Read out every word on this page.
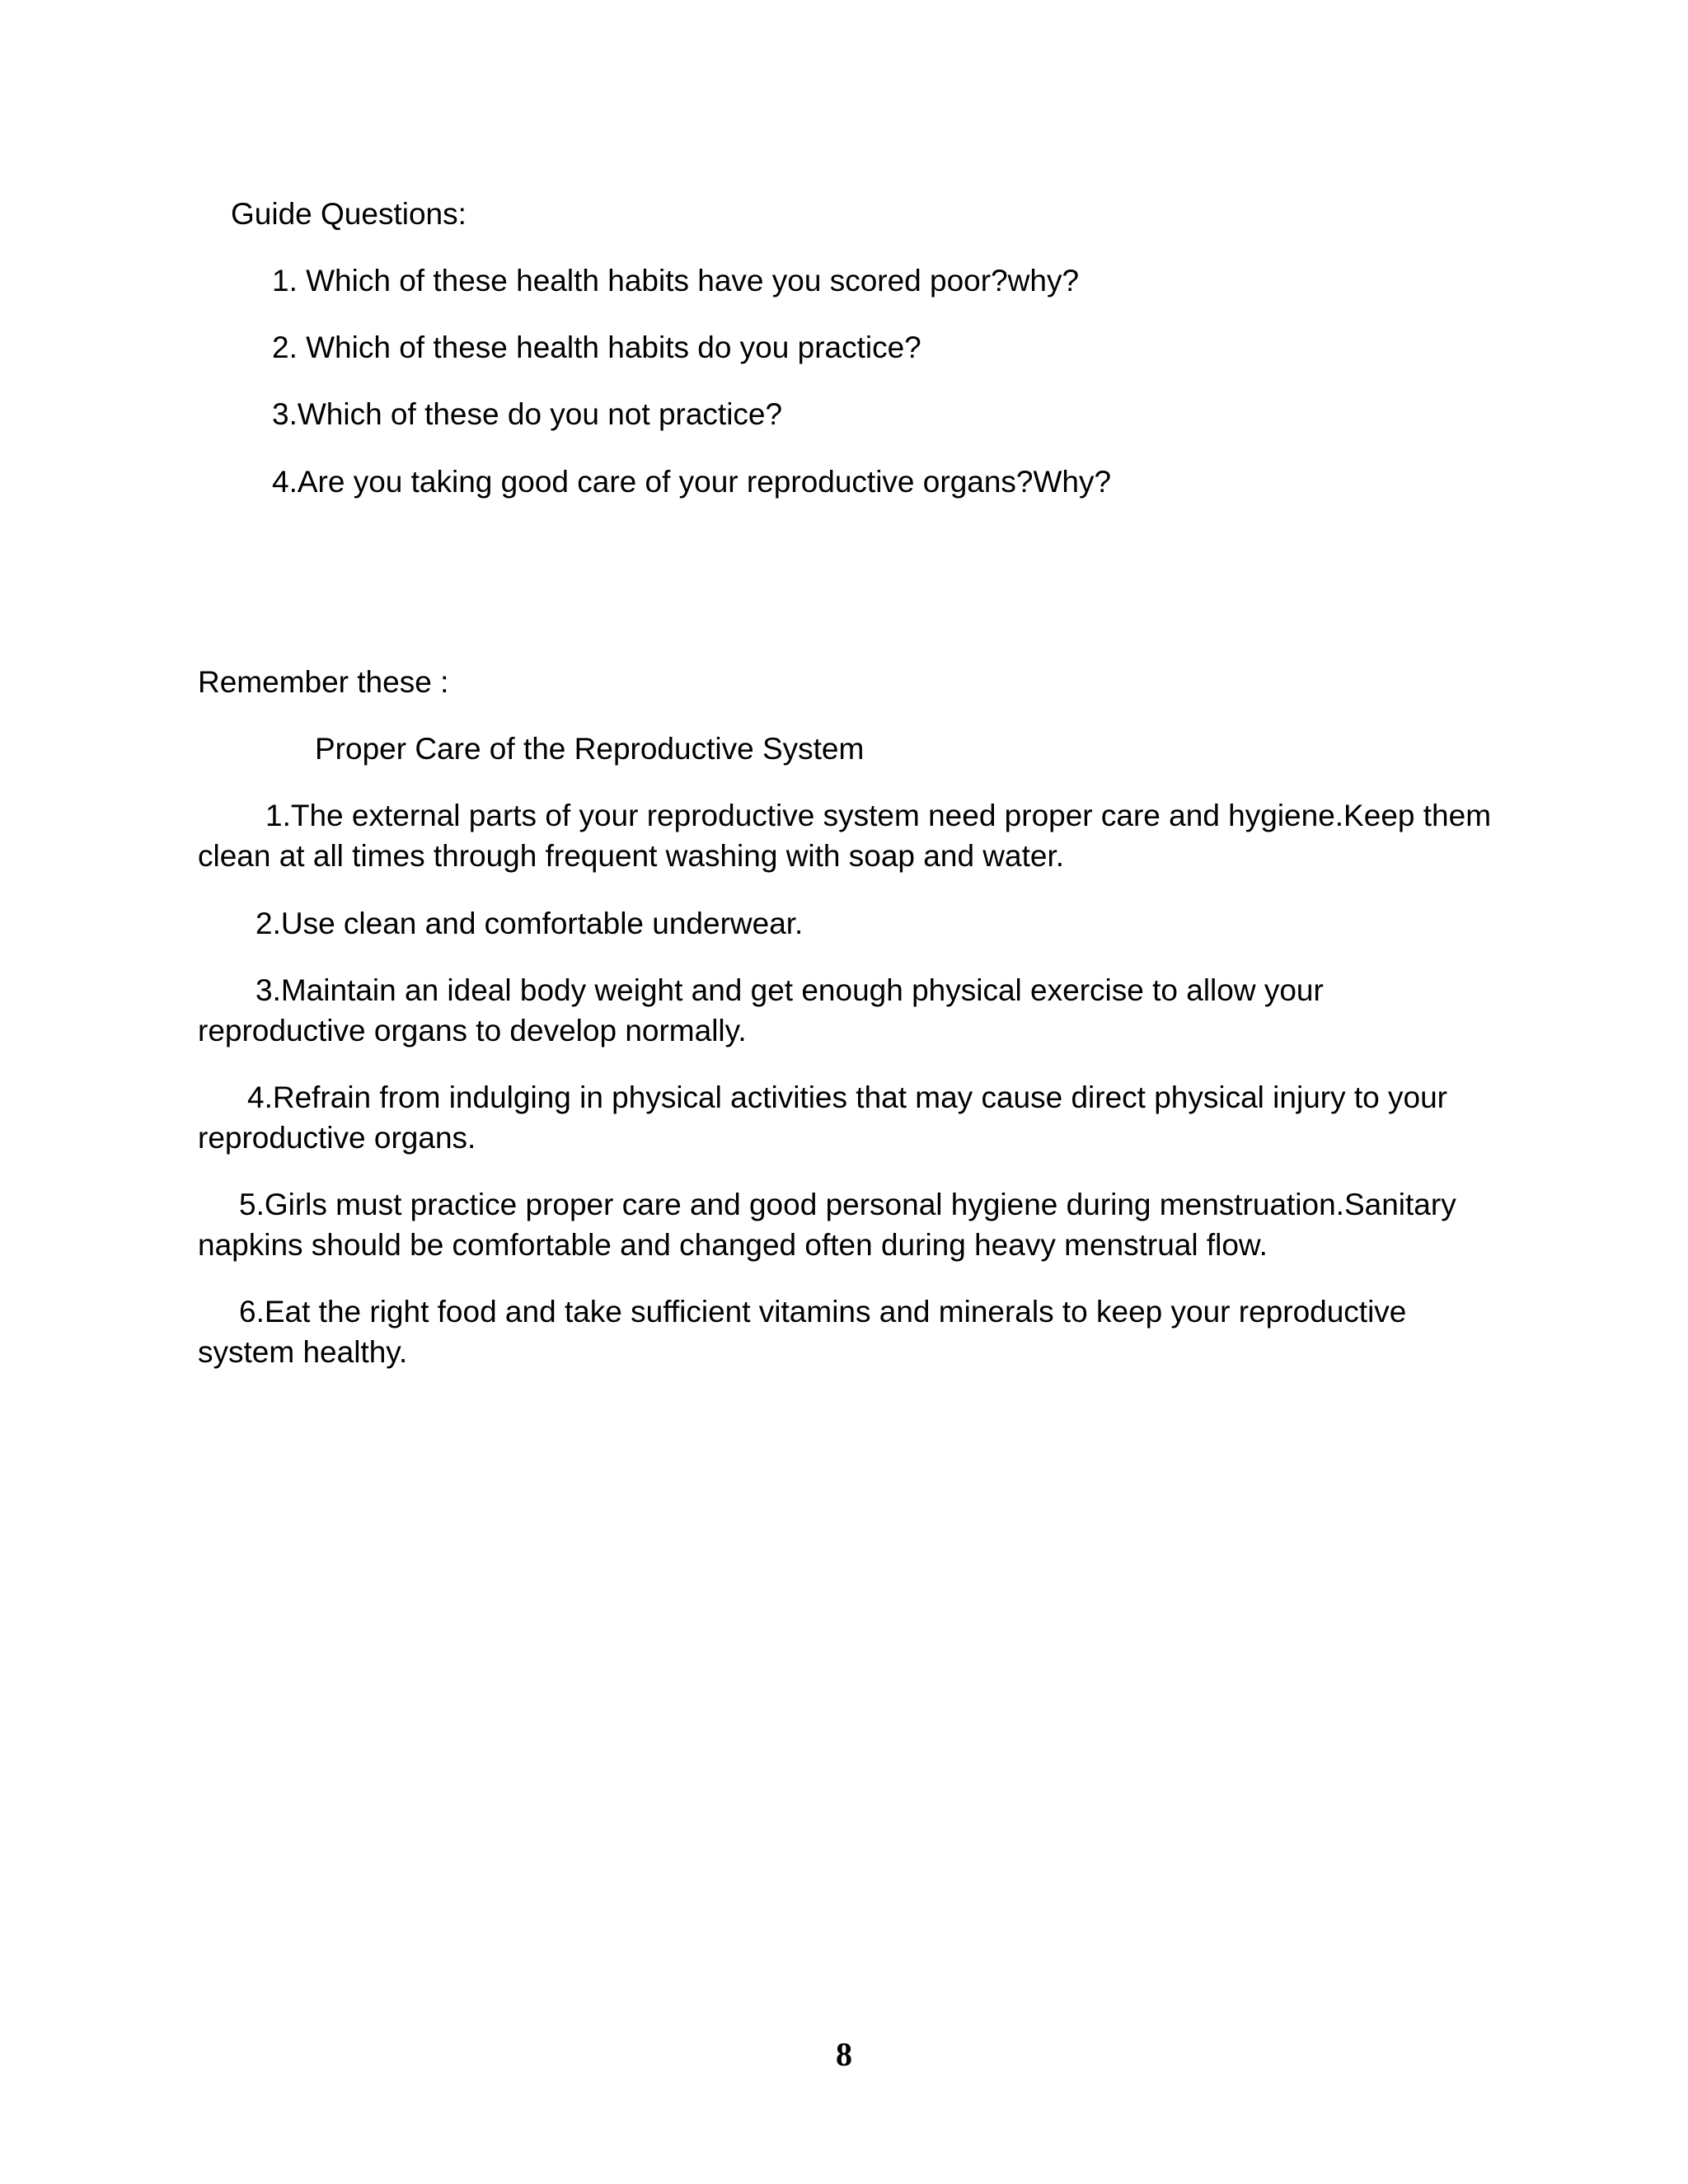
Guide Questions:

1. Which of these health habits have you scored poor?why?

2. Which of these health habits do you practice?

3.Which of these do you not practice?

4.Are you taking good care of your reproductive organs?Why?

Remember these :

Proper Care of the Reproductive System

1.The external parts of your reproductive system need proper care and hygiene.Keep them

clean at all times through frequent washing with soap and water.

2.Use clean and comfortable underwear.

3.Maintain an ideal body weight and get enough physical exercise to allow your

reproductive organs to develop normally.

4.Refrain from indulging in physical activities that may cause direct physical injury to your

reproductive organs.

5.Girls must practice proper care and good personal hygiene during menstruation.Sanitary

napkins should be comfortable and changed often during heavy menstrual flow.

6.Eat the right food and take sufficient vitamins and minerals to keep your reproductive

system healthy.

8
